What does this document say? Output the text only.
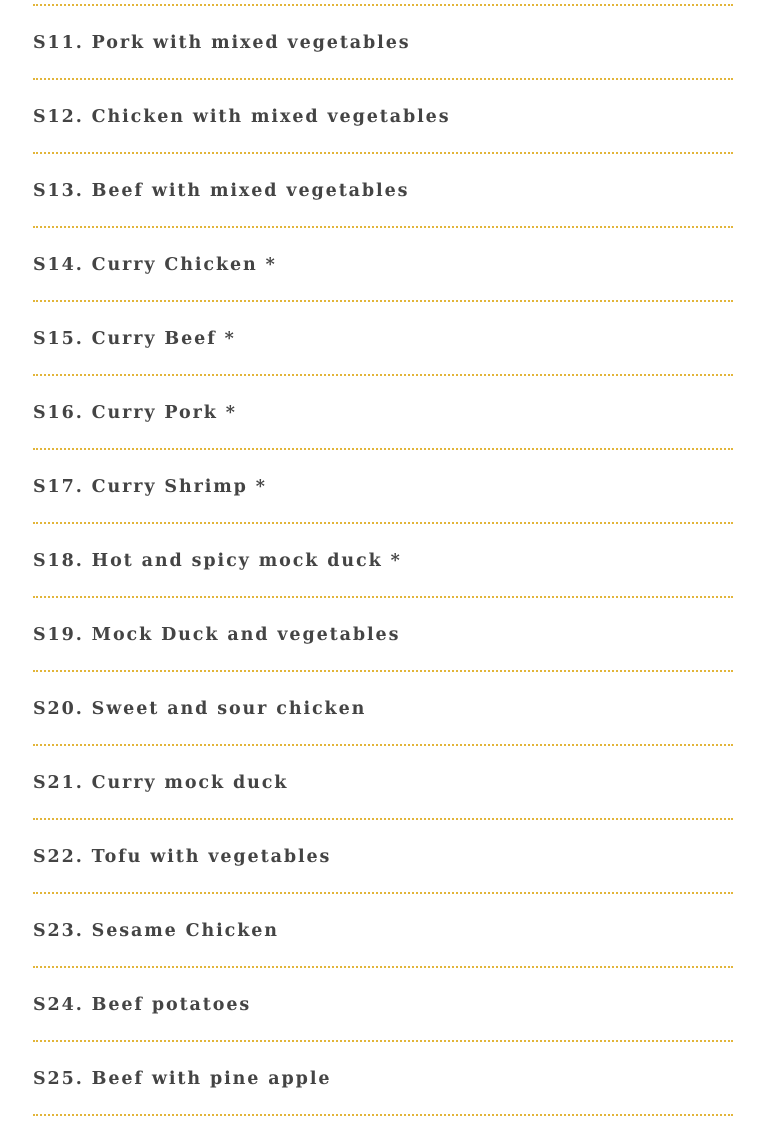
S11. Pork with mixed vegetables
S12. Chicken with mixed vegetables
S13. Beef with mixed vegetables
S14. Curry Chicken *
S15. Curry Beef *
S16. Curry Pork *
S17. Curry Shrimp *
S18. Hot and spicy mock duck *
S19. Mock Duck and vegetables
S20. Sweet and sour chicken
S21. Curry mock duck
S22. Tofu with vegetables
S23. Sesame Chicken
S24. Beef potatoes
S25. Beef with pine apple
